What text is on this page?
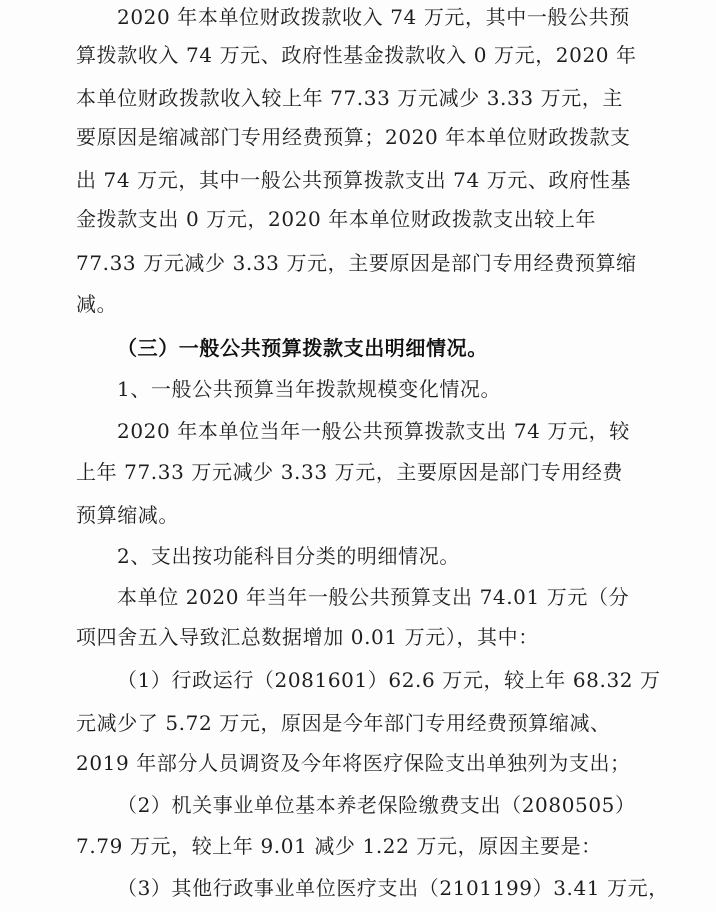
2020 年本单位财政拨款收入 74 万元，其中一般公共预
算拨款收入 74 万元、政府性基金拨款收入 0 万元，2020 年
本单位财政拨款收入较上年 77.33 万元减少 3.33 万元，主
要原因是缩减部门专用经费预算；2020 年本单位财政拨款支
出 74 万元，其中一般公共预算拨款支出 74 万元、政府性基
金拨款支出 0 万元，2020 年本单位财政拨款支出较上年
77.33 万元减少 3.33 万元，主要原因是部门专用经费预算缩
减。
（三）一般公共预算拨款支出明细情况。
1、一般公共预算当年拨款规模变化情况。
2020 年本单位当年一般公共预算拨款支出 74 万元，较
上年 77.33 万元减少 3.33 万元，主要原因是部门专用经费
预算缩减。
2、支出按功能科目分类的明细情况。
本单位 2020 年当年一般公共预算支出 74.01 万元（分
项四舍五入导致汇总数据增加 0.01 万元），其中：
（1）行政运行（2081601）62.6 万元，较上年 68.32 万
元减少了 5.72 万元，原因是今年部门专用经费预算缩减、
2019 年部分人员调资及今年将医疗保险支出单独列为支出；
（2）机关事业单位基本养老保险缴费支出（2080505）
7.79 万元，较上年 9.01 减少 1.22 万元，原因主要是：
（3）其他行政事业单位医疗支出（2101199）3.41 万元，
